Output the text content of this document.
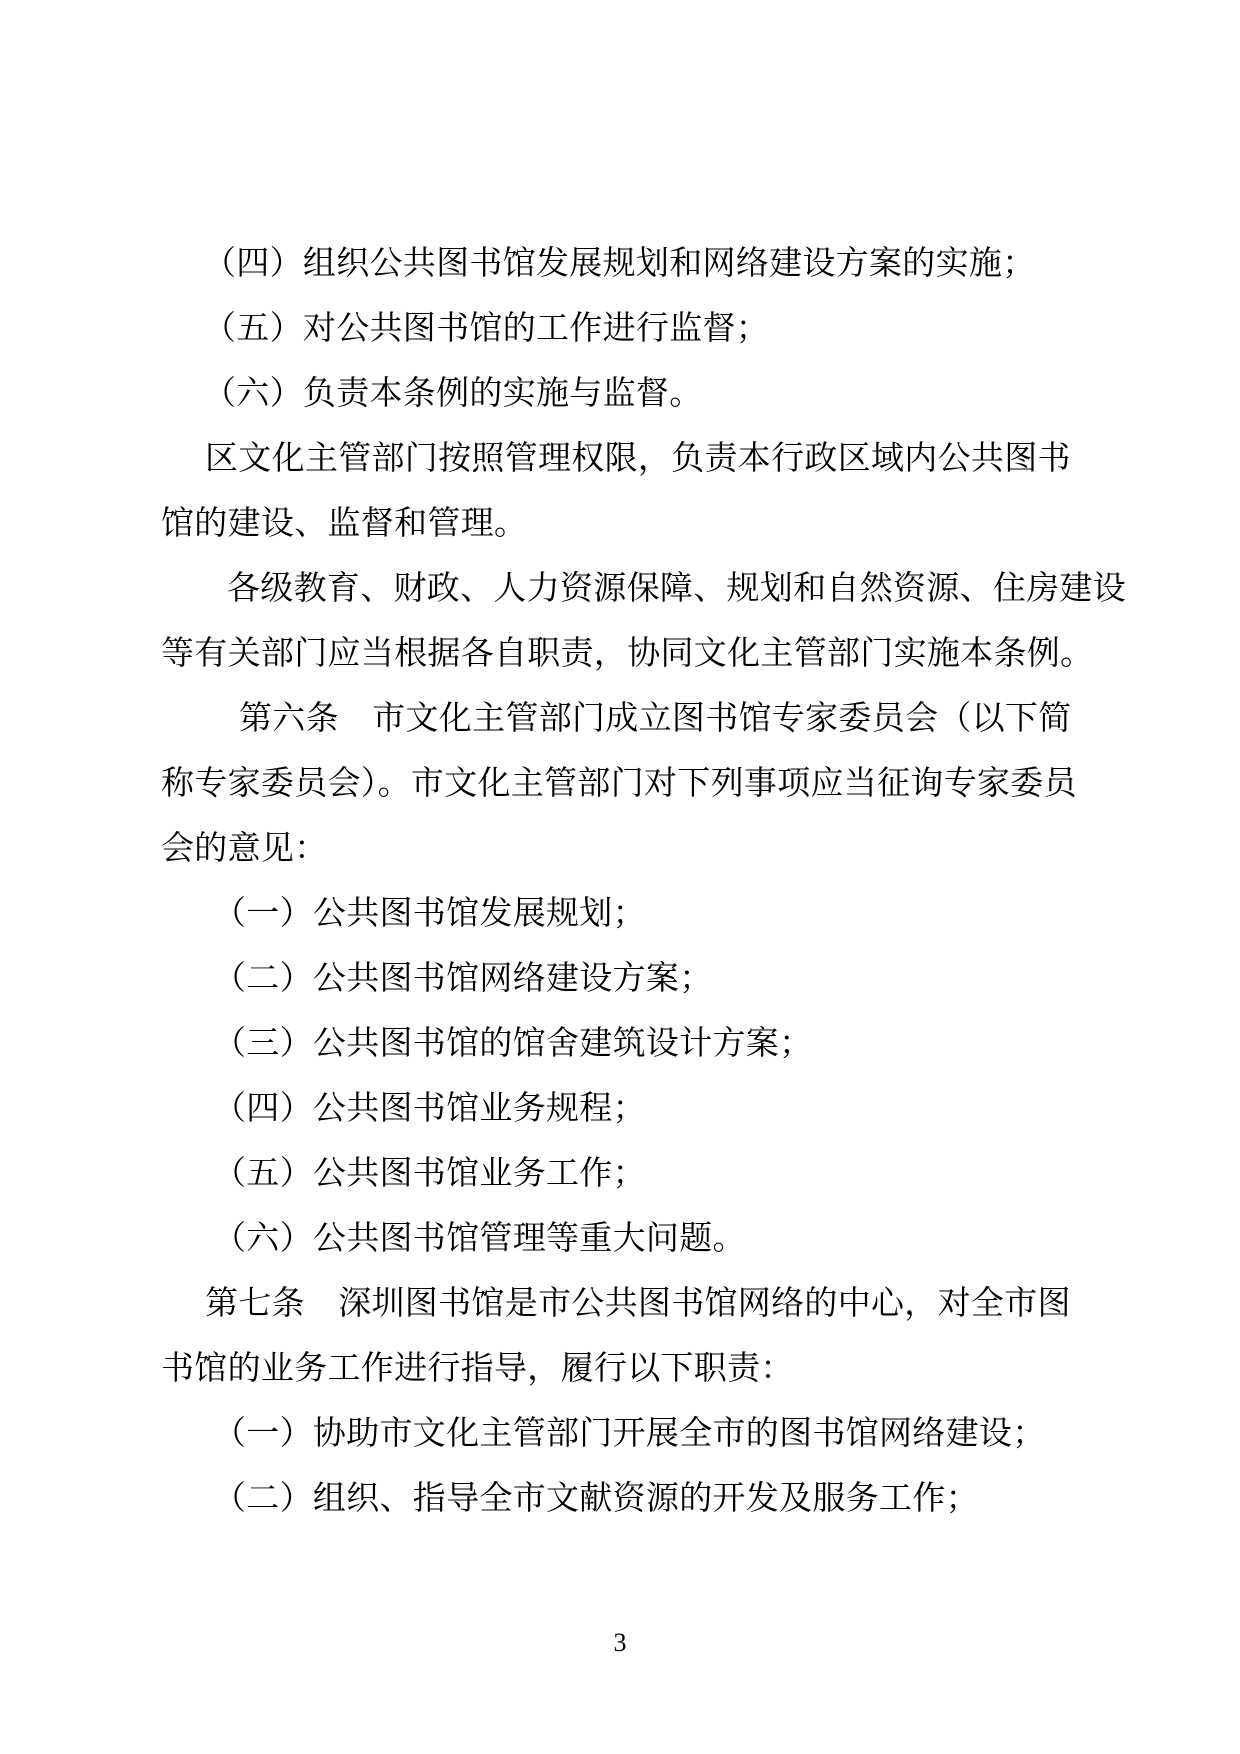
（四）组织公共图书馆发展规划和网络建设方案的实施；
（五）对公共图书馆的工作进行监督；
（六）负责本条例的实施与监督。
区文化主管部门按照管理权限，负责本行政区域内公共图书
馆的建设、监督和管理。
各级教育、财政、人力资源保障、规划和自然资源、住房建设
等有关部门应当根据各自职责，协同文化主管部门实施本条例。
第六条　市文化主管部门成立图书馆专家委员会（以下简
称专家委员会）。市文化主管部门对下列事项应当征询专家委员
会的意见：
（一）公共图书馆发展规划；
（二）公共图书馆网络建设方案；
（三）公共图书馆的馆舍建筑设计方案；
（四）公共图书馆业务规程；
（五）公共图书馆业务工作；
（六）公共图书馆管理等重大问题。
第七条　深圳图书馆是市公共图书馆网络的中心，对全市图
书馆的业务工作进行指导，履行以下职责：
（一）协助市文化主管部门开展全市的图书馆网络建设；
（二）组织、指导全市文献资源的开发及服务工作；
3
